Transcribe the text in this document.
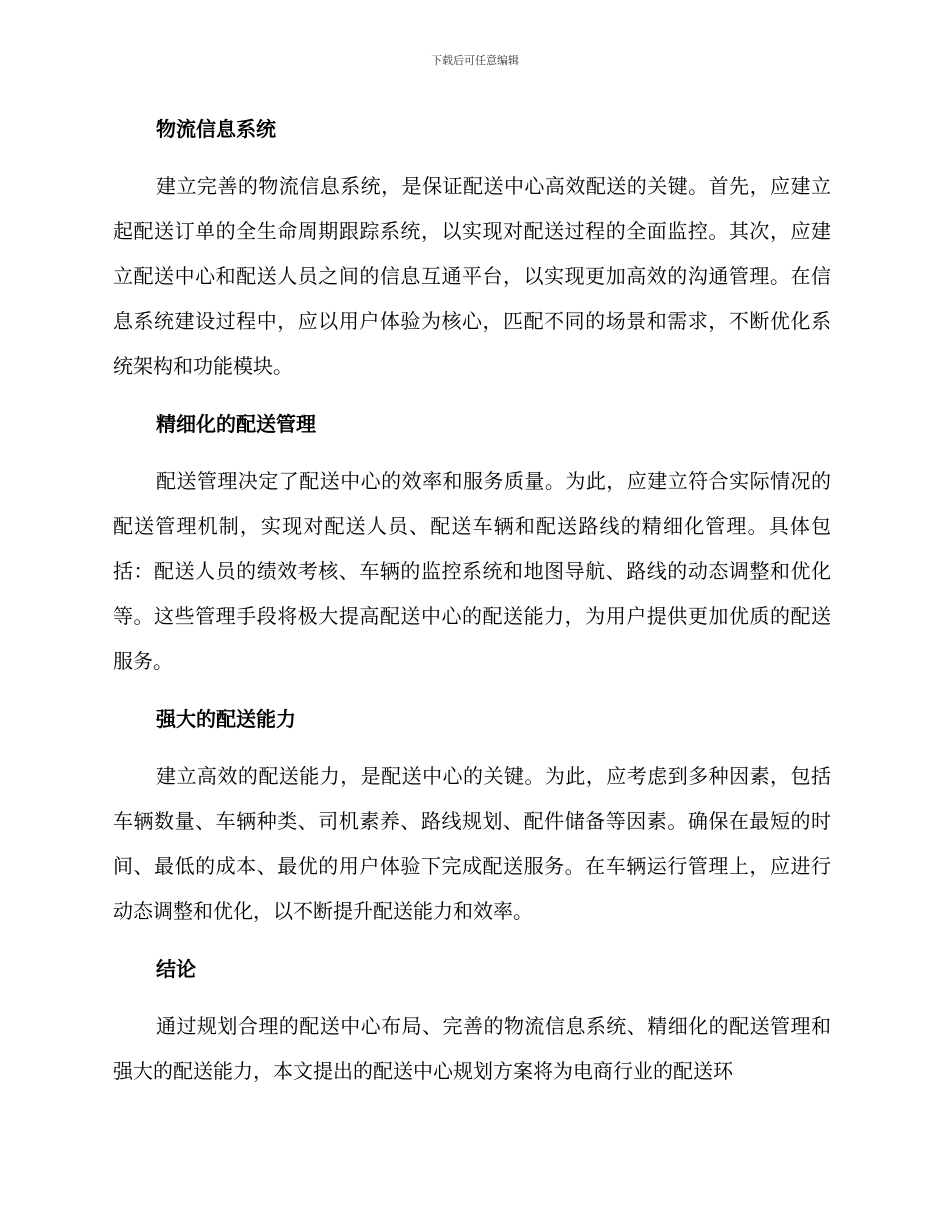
下载后可任意编辑
物流信息系统

建立完善的物流信息系统，是保证配送中心高效配送的关键。首先，应建立起配送订单的全生命周期跟踪系统，以实现对配送过程的全面监控。其次，应建立配送中心和配送人员之间的信息互通平台，以实现更加高效的沟通管理。在信息系统建设过程中，应以用户体验为核心，匹配不同的场景和需求，不断优化系统架构和功能模块。

精细化的配送管理

配送管理决定了配送中心的效率和服务质量。为此，应建立符合实际情况的配送管理机制，实现对配送人员、配送车辆和配送路线的精细化管理。具体包括：配送人员的绩效考核、车辆的监控系统和地图导航、路线的动态调整和优化等。这些管理手段将极大提高配送中心的配送能力，为用户提供更加优质的配送服务。

强大的配送能力

建立高效的配送能力，是配送中心的关键。为此，应考虑到多种因素，包括车辆数量、车辆种类、司机素养、路线规划、配件储备等因素。确保在最短的时间、最低的成本、最优的用户体验下完成配送服务。在车辆运行管理上，应进行动态调整和优化，以不断提升配送能力和效率。

结论

通过规划合理的配送中心布局、完善的物流信息系统、精细化的配送管理和强大的配送能力，本文提出的配送中心规划方案将为电商行业的配送环
